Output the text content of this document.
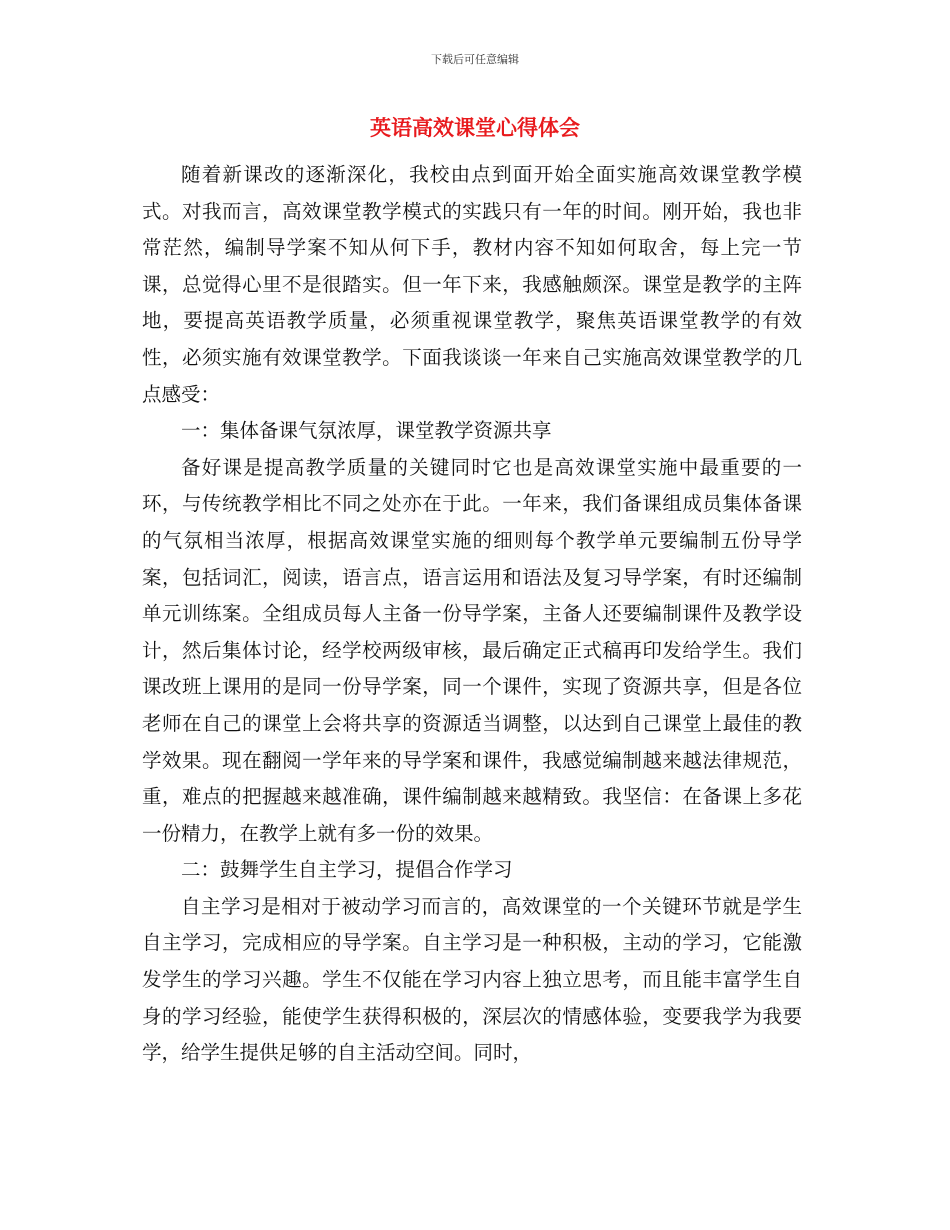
下载后可任意编辑
英语高效课堂心得体会

随着新课改的逐渐深化，我校由点到面开始全面实施高效课堂教学模式。对我而言，高效课堂教学模式的实践只有一年的时间。刚开始，我也非常茫然，编制导学案不知从何下手，教材内容不知如何取舍，每上完一节课，总觉得心里不是很踏实。但一年下来，我感触颇深。课堂是教学的主阵地，要提高英语教学质量，必须重视课堂教学，聚焦英语课堂教学的有效性，必须实施有效课堂教学。下面我谈谈一年来自己实施高效课堂教学的几点感受：

一：集体备课气氛浓厚，课堂教学资源共享

备好课是提高教学质量的关键同时它也是高效课堂实施中最重要的一环，与传统教学相比不同之处亦在于此。一年来，我们备课组成员集体备课的气氛相当浓厚，根据高效课堂实施的细则每个教学单元要编制五份导学案，包括词汇，阅读，语言点，语言运用和语法及复习导学案，有时还编制单元训练案。全组成员每人主备一份导学案，主备人还要编制课件及教学设计，然后集体讨论，经学校两级审核，最后确定正式稿再印发给学生。我们课改班上课用的是同一份导学案，同一个课件，实现了资源共享，但是各位老师在自己的课堂上会将共享的资源适当调整，以达到自己课堂上最佳的教学效果。现在翻阅一学年来的导学案和课件，我感觉编制越来越法律规范，重，难点的把握越来越准确，课件编制越来越精致。我坚信：在备课上多花一份精力，在教学上就有多一份的效果。

二：鼓舞学生自主学习，提倡合作学习

自主学习是相对于被动学习而言的，高效课堂的一个关键环节就是学生自主学习，完成相应的导学案。自主学习是一种积极，主动的学习，它能激发学生的学习兴趣。学生不仅能在学习内容上独立思考，而且能丰富学生自身的学习经验，能使学生获得积极的，深层次的情感体验，变要我学为我要学，给学生提供足够的自主活动空间。同时，
